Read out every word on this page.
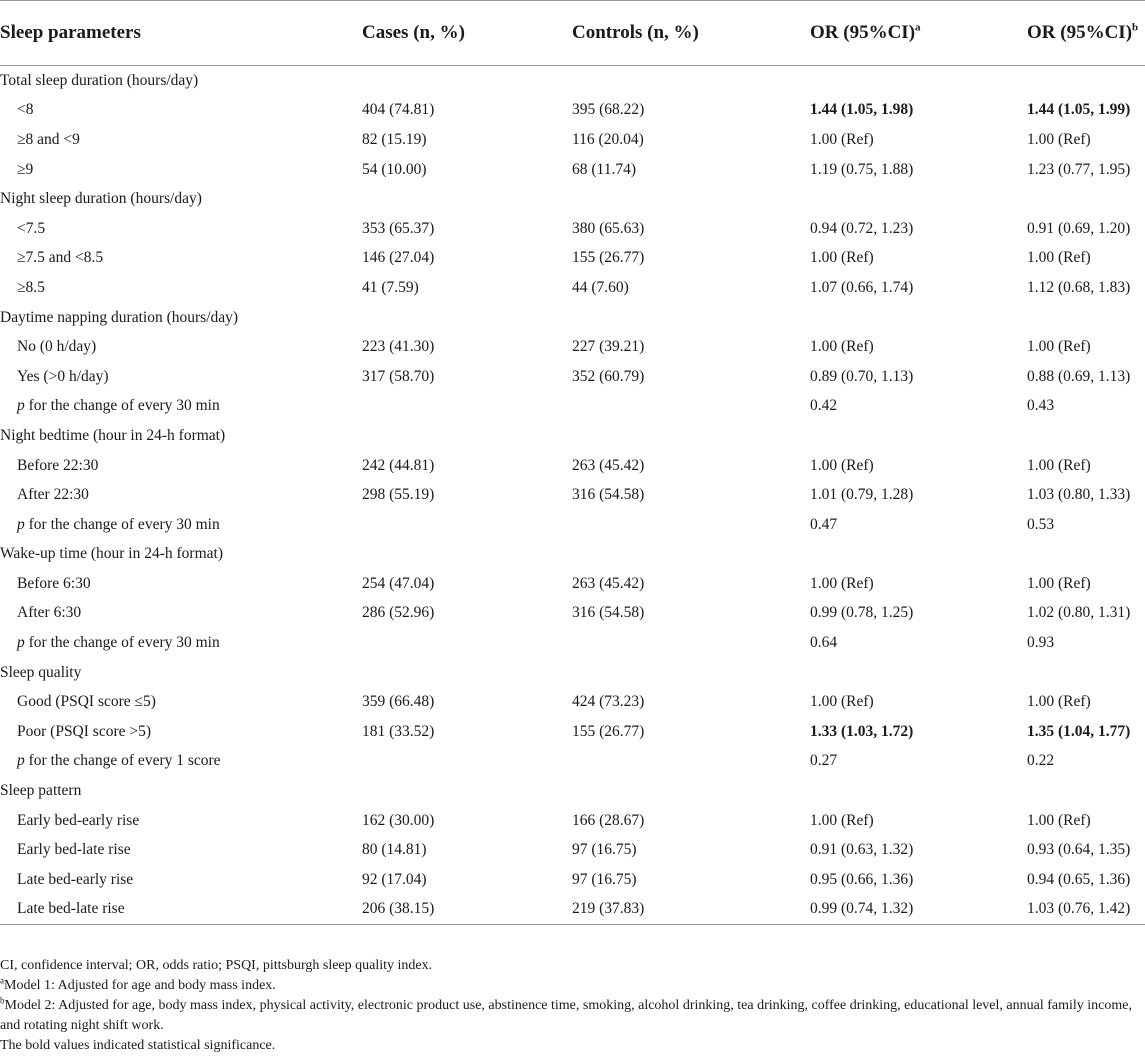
Sleep parameters	Cases (n, %)	Controls (n, %)	OR $(95\%CI)^a$	OR $(95\%CI)^b$
Total sleep duration (hours/day)				
<8	404 (74.81)	395 (68.22)	1.44 (1.05, 1.98)	1.44 (1.05, 1.99)
≥8 and <9	82 (15.19)	116 (20.04)	1.00 (Ref)	1.00 (Ref)
≥9	54 (10.00)	68 (11.74)	1.19 (0.75, 1.88)	1.23 (0.77, 1.95)
Night sleep duration (hours/day)				
<7.5	353 (65.37)	380 (65.63)	0.94 (0.72, 1.23)	0.91 (0.69, 1.20)
≥7.5 and <8.5	146 (27.04)	155 (26.77)	1.00 (Ref)	1.00 (Ref)
≥8.5	41 (7.59)	44 (7.60)	1.07 (0.66, 1.74)	1.12 (0.68, 1.83)
Daytime napping duration (hours/day)				
No (0 h/day)	223 (41.30)	227 (39.21)	1.00 (Ref)	1.00 (Ref)
Yes (>0 h/day)	317 (58.70)	352 (60.79)	0.89 (0.70, 1.13)	0.88 (0.69, 1.13)
p for the change of every 30 min			0.42	0.43
Night bedtime (hour in 24-h format)				
Before 22:30	242 (44.81)	263 (45.42)	1.00 (Ref)	1.00 (Ref)
After 22:30	298 (55.19)	316 (54.58)	1.01 (0.79, 1.28)	1.03 (0.80, 1.33)
p for the change of every 30 min			0.47	0.53
Wake-up time (hour in 24-h format)				
Before 6:30	254 (47.04)	263 (45.42)	1.00 (Ref)	1.00 (Ref)
After 6:30	286 (52.96)	316 (54.58)	0.99 (0.78, 1.25)	1.02 (0.80, 1.31)
p for the change of every 30 min			0.64	0.93
Sleep quality				
Good (PSQI score ≤5)	359 (66.48)	424 (73.23)	1.00 (Ref)	1.00 (Ref)
Poor (PSQI score >5)	181 (33.52)	155 (26.77)	1.33 (1.03, 1.72)	1.35 (1.04, 1.77)
p for the change of every 1 score			0.27	0.22
Sleep pattern				
Early bed-early rise	162 (30.00)	166 (28.67)	1.00 (Ref)	1.00 (Ref)
Early bed-late rise	80 (14.81)	97 (16.75)	0.91 (0.63, 1.32)	0.93 (0.64, 1.35)
Late bed-early rise	92 (17.04)	97 (16.75)	0.95 (0.66, 1.36)	0.94 (0.65, 1.36)
Late bed-late rise	206 (38.15)	219 (37.83)	0.99 (0.74, 1.32)	1.03 (0.76, 1.42)

CI, confidence interval; OR, odds ratio; PSQI, pittsburgh sleep quality index.

$^a$Model 1: Adjusted for age and body mass index.

$^b$Model 2: Adjusted for age, body mass index, physical activity, electronic product use, abstinence time, smoking, alcohol drinking, tea drinking, coffee drinking, educational level, annual family income, and rotating night shift work.

The bold values indicated statistical significance.
